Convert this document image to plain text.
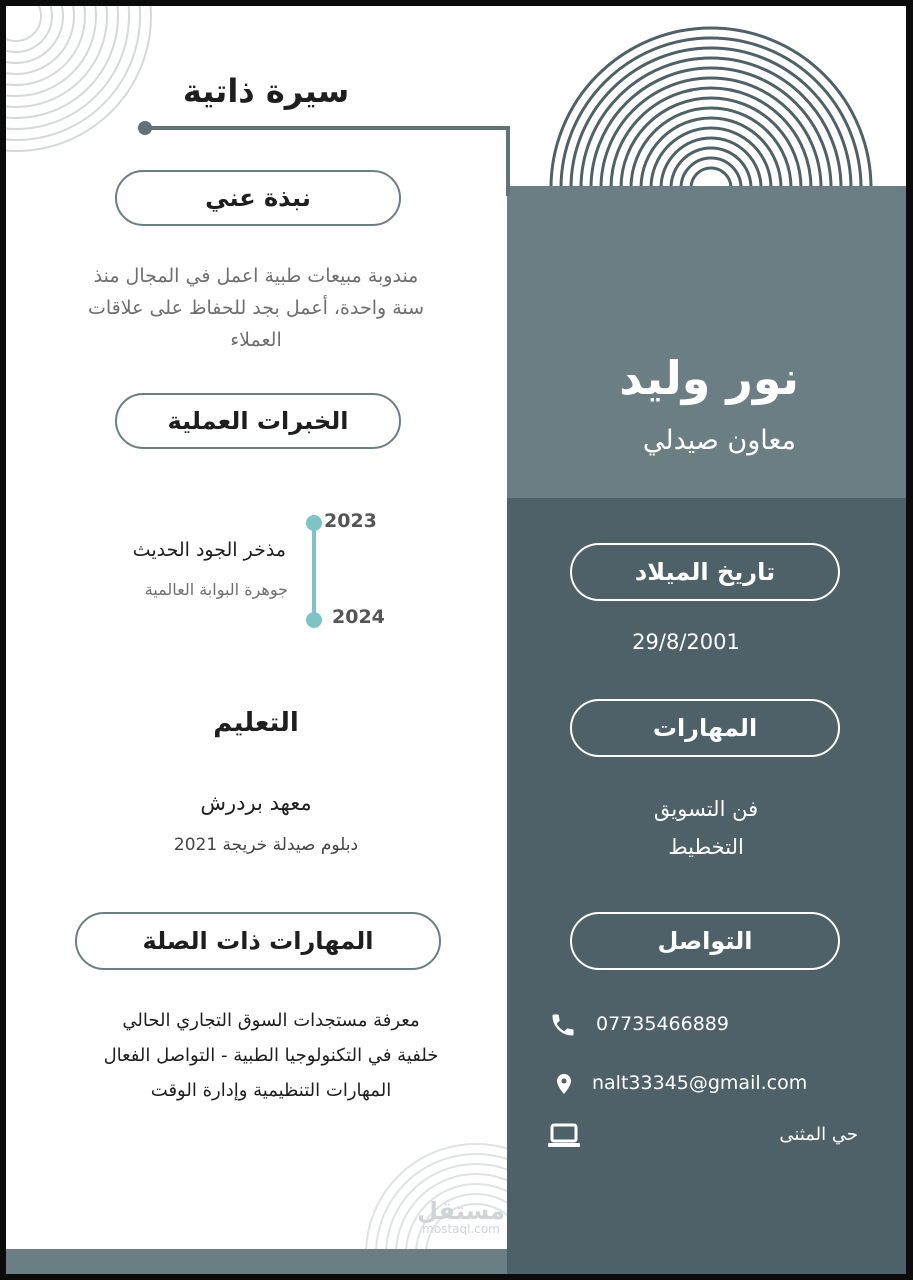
سيرة ذاتية
نبذة عني
مندوبة مبيعات طبية اعمل في المجال منذ
سنة واحدة، أعمل بجد للحفاظ على علاقات
العملاء
الخبرات العملية
2023
2024
مذخر الجود الحديث
جوهرة البوابة العالمية
التعليم
معهد بردرش
دبلوم صيدلة خريجة 2021
المهارات ذات الصلة
معرفة مستجدات السوق التجاري الحالي
خلفية في التكنولوجيا الطبية - التواصل الفعال
المهارات التنظيمية وإدارة الوقت
مستقل
mostaql.com
نور وليد
معاون صيدلي
تاريخ الميلاد
29/8/2001
المهارات
فن التسويق
التخطيط
التواصل
07735466889
nalt33345@gmail.com
حي المثنى
